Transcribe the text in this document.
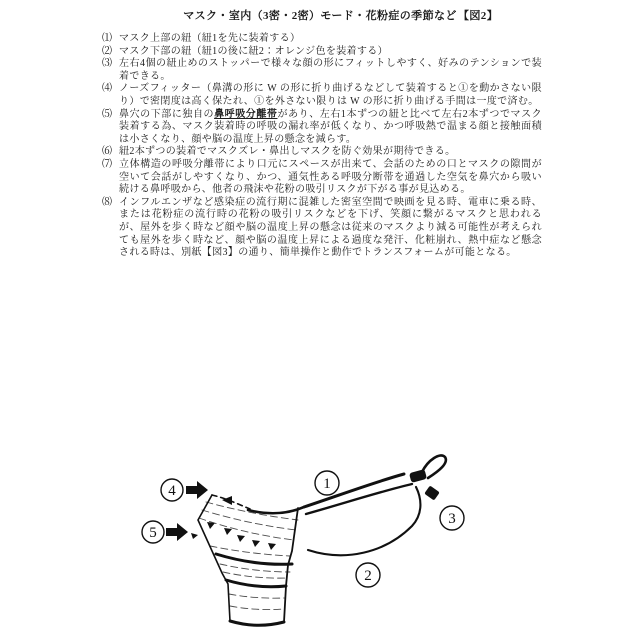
マスク・室内（3密・2密）モード・花粉症の季節など 【図2】
⑴ マスク上部の紐（紐1を先に装着する）
⑵ マスク下部の紐（紐1の後に紐2：オレンジ色を装着する）
⑶ 左右4個の紐止めのストッパーで様々な顔の形にフィットしやすく、好みのテンションで装着できる。
⑷ ノーズフィッター（鼻溝の形に W の形に折り曲げるなどして装着すると①を動かさない限り）で密閉度は高く保たれ、①を外さない限りは W の形に折り曲げる手間は一度で済む。
⑸ 鼻穴の下部に独自の鼻呼吸分離帯があり、左右1本ずつの紐と比べて左右2本ずつでマスク装着する為、マスク装着時の呼吸の漏れ率が低くなり、かつ呼吸熱で温まる顔と接触面積は小さくなり、顔や脳の温度上昇の懸念を減らす。
⑹ 紐2本ずつの装着でマスクズレ・鼻出しマスクを防ぐ効果が期待できる。
⑺ 立体構造の呼吸分離帯により口元にスペースが出来て、会話のための口とマスクの隙間が空いて会話がしやすくなり、かつ、通気性ある呼吸分断帯を通過した空気を鼻穴から吸い続ける鼻呼吸から、他者の飛沫や花粉の吸引リスクが下がる事が見込める。
⑻ インフルエンザなど感染症の流行期に混雑した密室空間で映画を見る時、電車に乗る時、または花粉症の流行時の花粉の吸引リスクなどを下げ、笑顔に繋がるマスクと思われるが、屋外を歩く時など顔や脳の温度上昇の懸念は従来のマスクより減る可能性が考えられても屋外を歩く時など、顔や脳の温度上昇による過度な発汗、化粧崩れ、熱中症など懸念される時は、別紙【図3】の通り、簡単操作と動作でトランスフォームが可能となる。
1
2
3
4
5
